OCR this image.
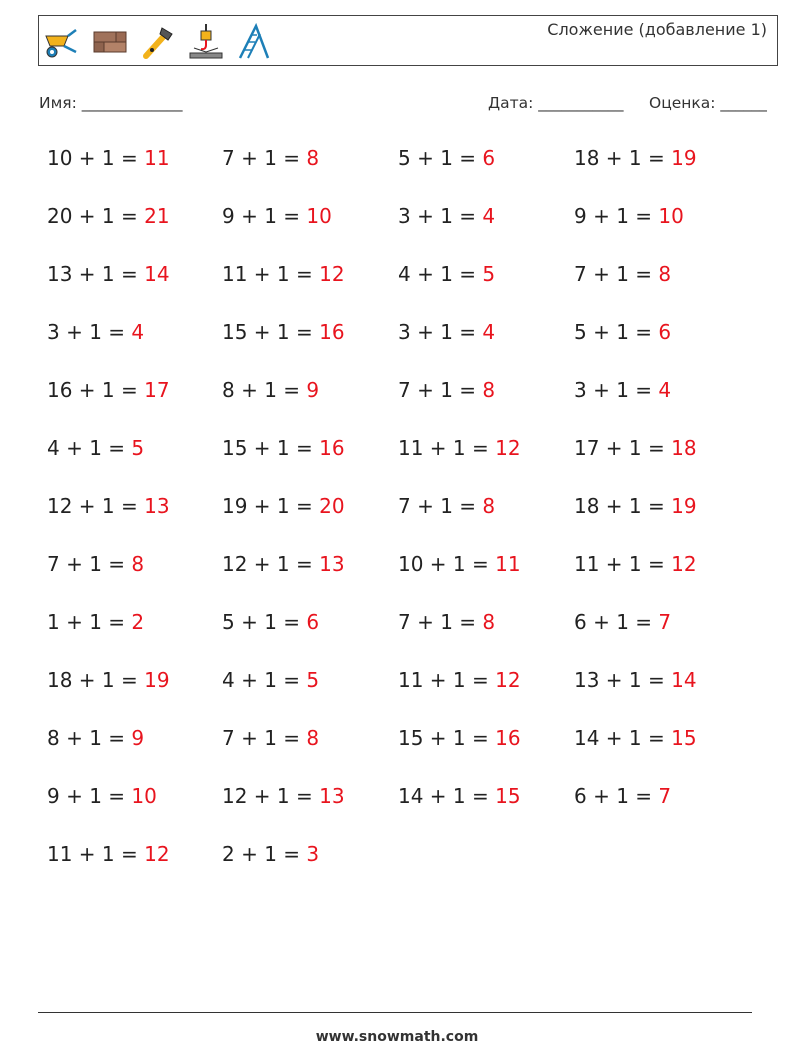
Сложение (добавление 1)
Имя: _____________	Дата: ___________ Оценка: ______
10 + 1 = 11	7 + 1 = 8	5 + 1 = 6	18 + 1 = 19
20 + 1 = 21	9 + 1 = 10	3 + 1 = 4	9 + 1 = 10
13 + 1 = 14	11 + 1 = 12	4 + 1 = 5	7 + 1 = 8
3 + 1 = 4	15 + 1 = 16	3 + 1 = 4	5 + 1 = 6
16 + 1 = 17	8 + 1 = 9	7 + 1 = 8	3 + 1 = 4
4 + 1 = 5	15 + 1 = 16	11 + 1 = 12	17 + 1 = 18
12 + 1 = 13	19 + 1 = 20	7 + 1 = 8	18 + 1 = 19
7 + 1 = 8	12 + 1 = 13	10 + 1 = 11	11 + 1 = 12
1 + 1 = 2	5 + 1 = 6	7 + 1 = 8	6 + 1 = 7
18 + 1 = 19	4 + 1 = 5	11 + 1 = 12	13 + 1 = 14
8 + 1 = 9	7 + 1 = 8	15 + 1 = 16	14 + 1 = 15
9 + 1 = 10	12 + 1 = 13	14 + 1 = 15	6 + 1 = 7
11 + 1 = 12	2 + 1 = 3
www.snowmath.com
